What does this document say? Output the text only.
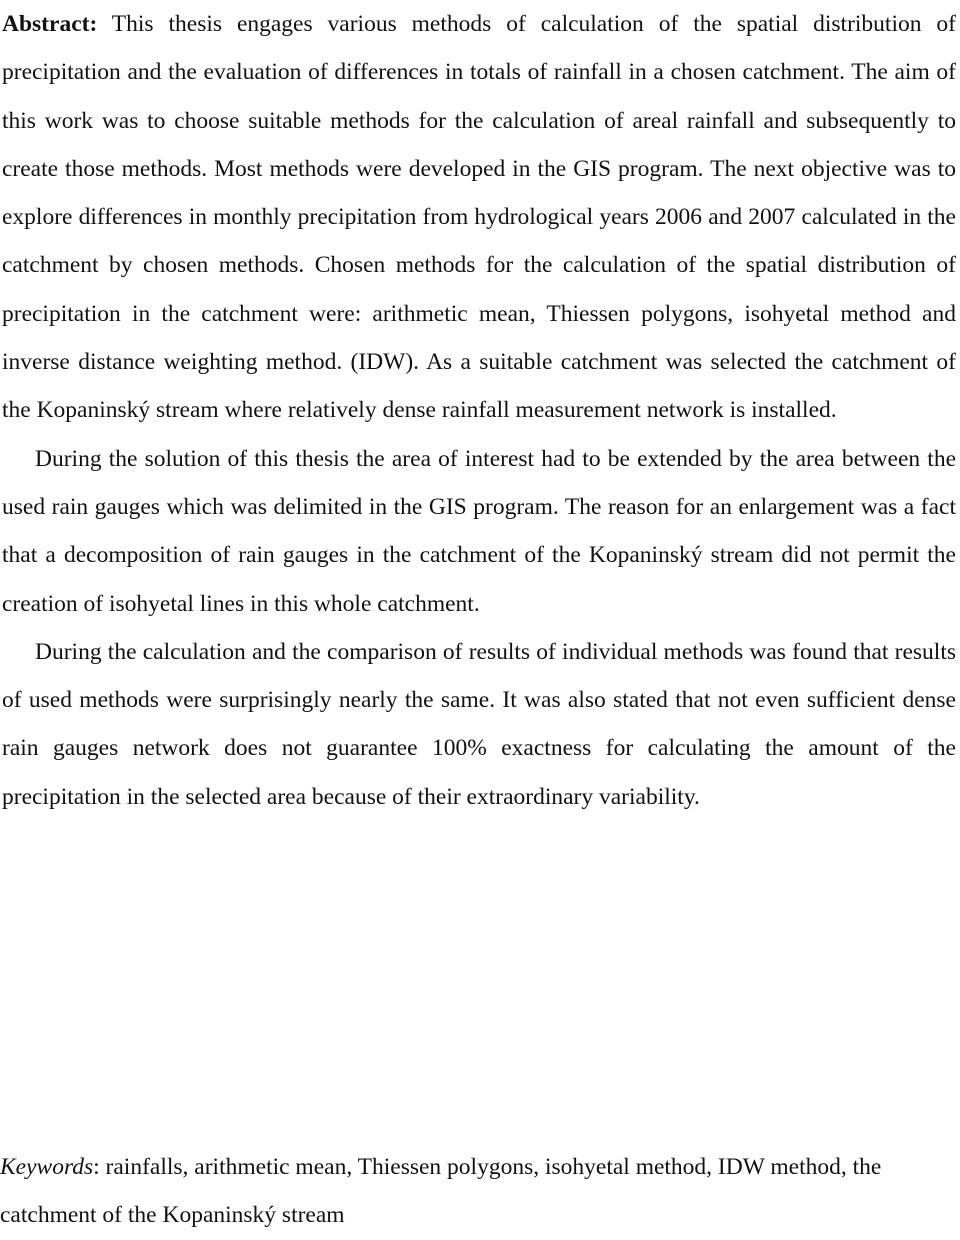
Abstract: This thesis engages various methods of calculation of the spatial distribution of precipitation and the evaluation of differences in totals of rainfall in a chosen catchment. The aim of this work was to choose suitable methods for the calculation of areal rainfall and subsequently to create those methods. Most methods were developed in the GIS program. The next objective was to explore differences in monthly precipitation from hydrological years 2006 and 2007 calculated in the catchment by chosen methods. Chosen methods for the calculation of the spatial distribution of precipitation in the catchment were: arithmetic mean, Thiessen polygons, isohyetal method and inverse distance weighting method. (IDW). As a suitable catchment was selected the catchment of the Kopaninský stream where relatively dense rainfall measurement network is installed.

During the solution of this thesis the area of interest had to be extended by the area between the used rain gauges which was delimited in the GIS program. The reason for an enlargement was a fact that a decomposition of rain gauges in the catchment of the Kopaninský stream did not permit the creation of isohyetal lines in this whole catchment.

During the calculation and the comparison of results of individual methods was found that results of used methods were surprisingly nearly the same. It was also stated that not even sufficient dense rain gauges network does not guarantee 100% exactness for calculating the amount of the precipitation in the selected area because of their extraordinary variability.

Keywords: rainfalls, arithmetic mean, Thiessen polygons, isohyetal method, IDW method, the catchment of the Kopaninský stream
